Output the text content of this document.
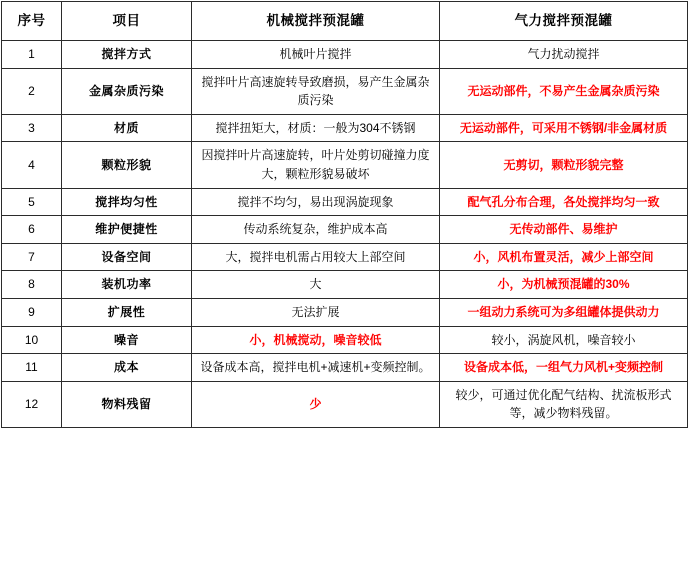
序号	项目	机械搅拌预混罐	气力搅拌预混罐
1	搅拌方式	机械叶片搅拌	气力扰动搅拌

2	金属杂质污染	搅拌叶片高速旋转导致磨损，易产生金属杂质污染	无运动部件，不易产生金属杂质污染

3	材质	搅拌扭矩大，材质：一般为304不锈钢	无运动部件，可采用不锈钢/非金属材质

4	颗粒形貌	因搅拌叶片高速旋转，叶片处剪切碰撞力度大，颗粒形貌易破坏	无剪切，颗粒形貌完整

5	搅拌均匀性	搅拌不均匀，易出现涡旋现象	配气孔分布合理，各处搅拌均匀一致

6	维护便捷性	传动系统复杂，维护成本高	无传动部件、易维护

7	设备空间	大，搅拌电机需占用较大上部空间	小，风机布置灵活，减少上部空间

8	装机功率	大	小，为机械预混罐的30%

9	扩展性	无法扩展	一组动力系统可为多组罐体提供动力

10	噪音	小，机械搅动，噪音较低	较小，涡旋风机，噪音较小

11	成本	设备成本高，搅拌电机+减速机+变频控制。	设备成本低，一组气力风机+变频控制

12	物料残留	少	较少，可通过优化配气结构、扰流板形式等，减少物料残留。
